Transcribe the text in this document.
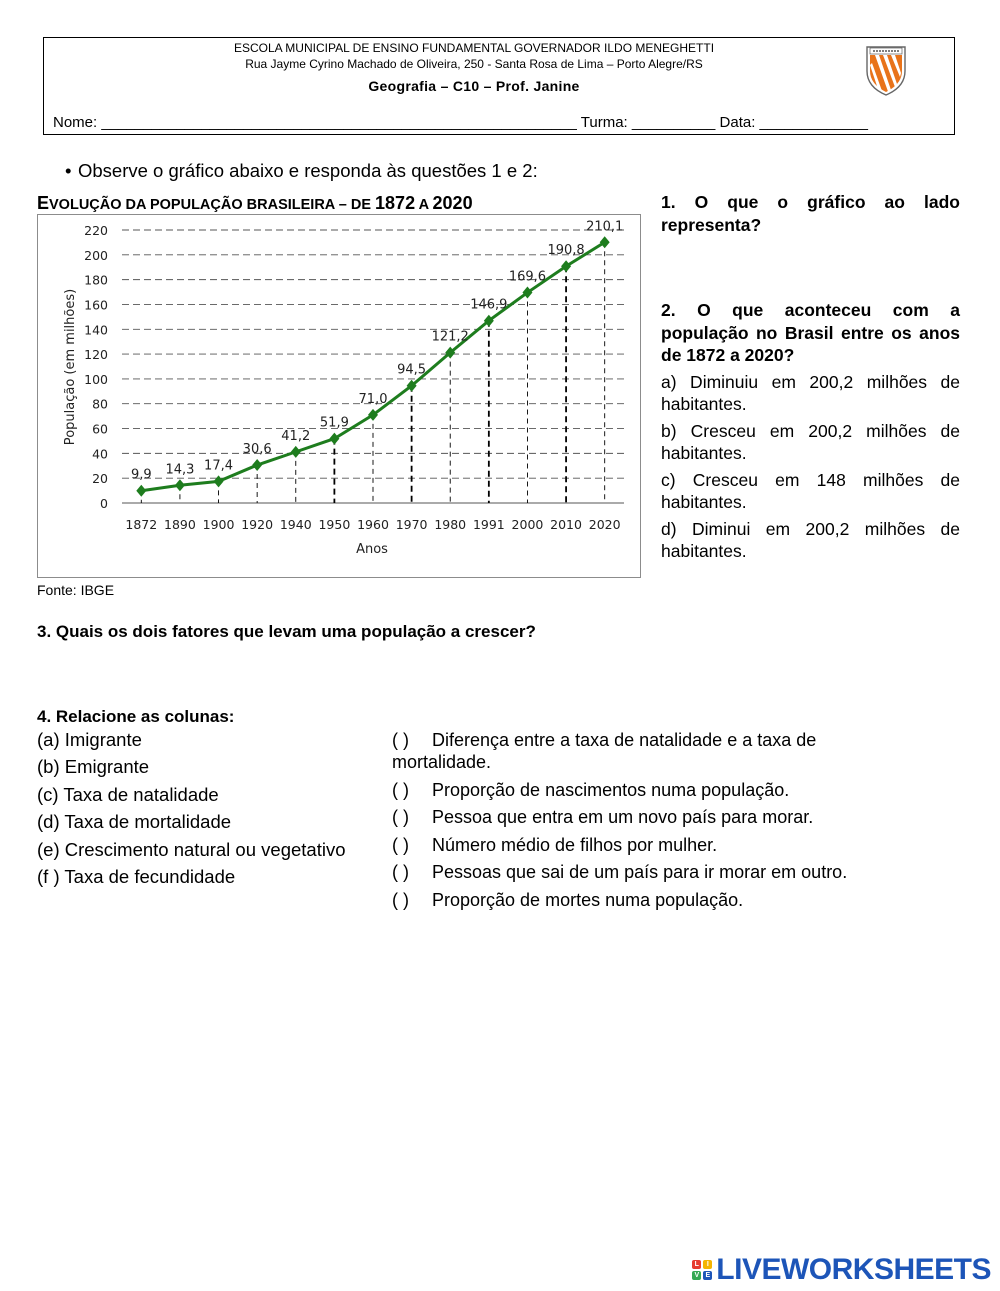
ESCOLA MUNICIPAL DE ENSINO FUNDAMENTAL GOVERNADOR ILDO MENEGHETTI
Rua Jayme Cyrino Machado de Oliveira, 250 - Santa Rosa de Lima – Porto Alegre/RS
Geografia – C10 – Prof. Janine
Nome: _________________________________________________________ Turma: __________ Data: _____________
• Observe o gráfico abaixo e responda às questões 1 e 2:
EVOLUÇÃO DA POPULAÇÃO BRASILEIRA – DE 1872 A 2020
0
20
40
60
80
100
120
140
160
180
200
220
9,9 14,3 17,4
30,6
41,2
51,9
71,0
94,5
121,2
146,9
169,6
190,8
210,1
1872 1890 1900 1920 1940 1950 1960 1970 1980 1991 2000 2010 2020
Anos
População (em milhões)
Fonte: IBGE

1. O que o gráfico ao lado representa?

2. O que aconteceu com a população no Brasil entre os anos de 1872 a 2020?

a) Diminuiu em 200,2 milhões de habitantes.

b) Cresceu em 200,2 milhões de habitantes.

c) Cresceu em 148 milhões de habitantes.

d) Diminui em 200,2 milhões de habitantes.

3. Quais os dois fatores que levam uma população a crescer?
4. Relacione as colunas:
(a) Imigrante
(b) Emigrante
(c) Taxa de natalidade
(d) Taxa de mortalidade
(e) Crescimento natural ou vegetativo
(f ) Taxa de fecundidade
( ) Diferença entre a taxa de natalidade e a taxa de mortalidade.
( ) Proporção de nascimentos numa população.
( ) Pessoa que entra em um novo país para morar.
( ) Número médio de filhos por mulher.
( ) Pessoas que sai de um país para ir morar em outro.
( ) Proporção de mortes numa população.
L	I
V E LIVEWORKSHEETS
